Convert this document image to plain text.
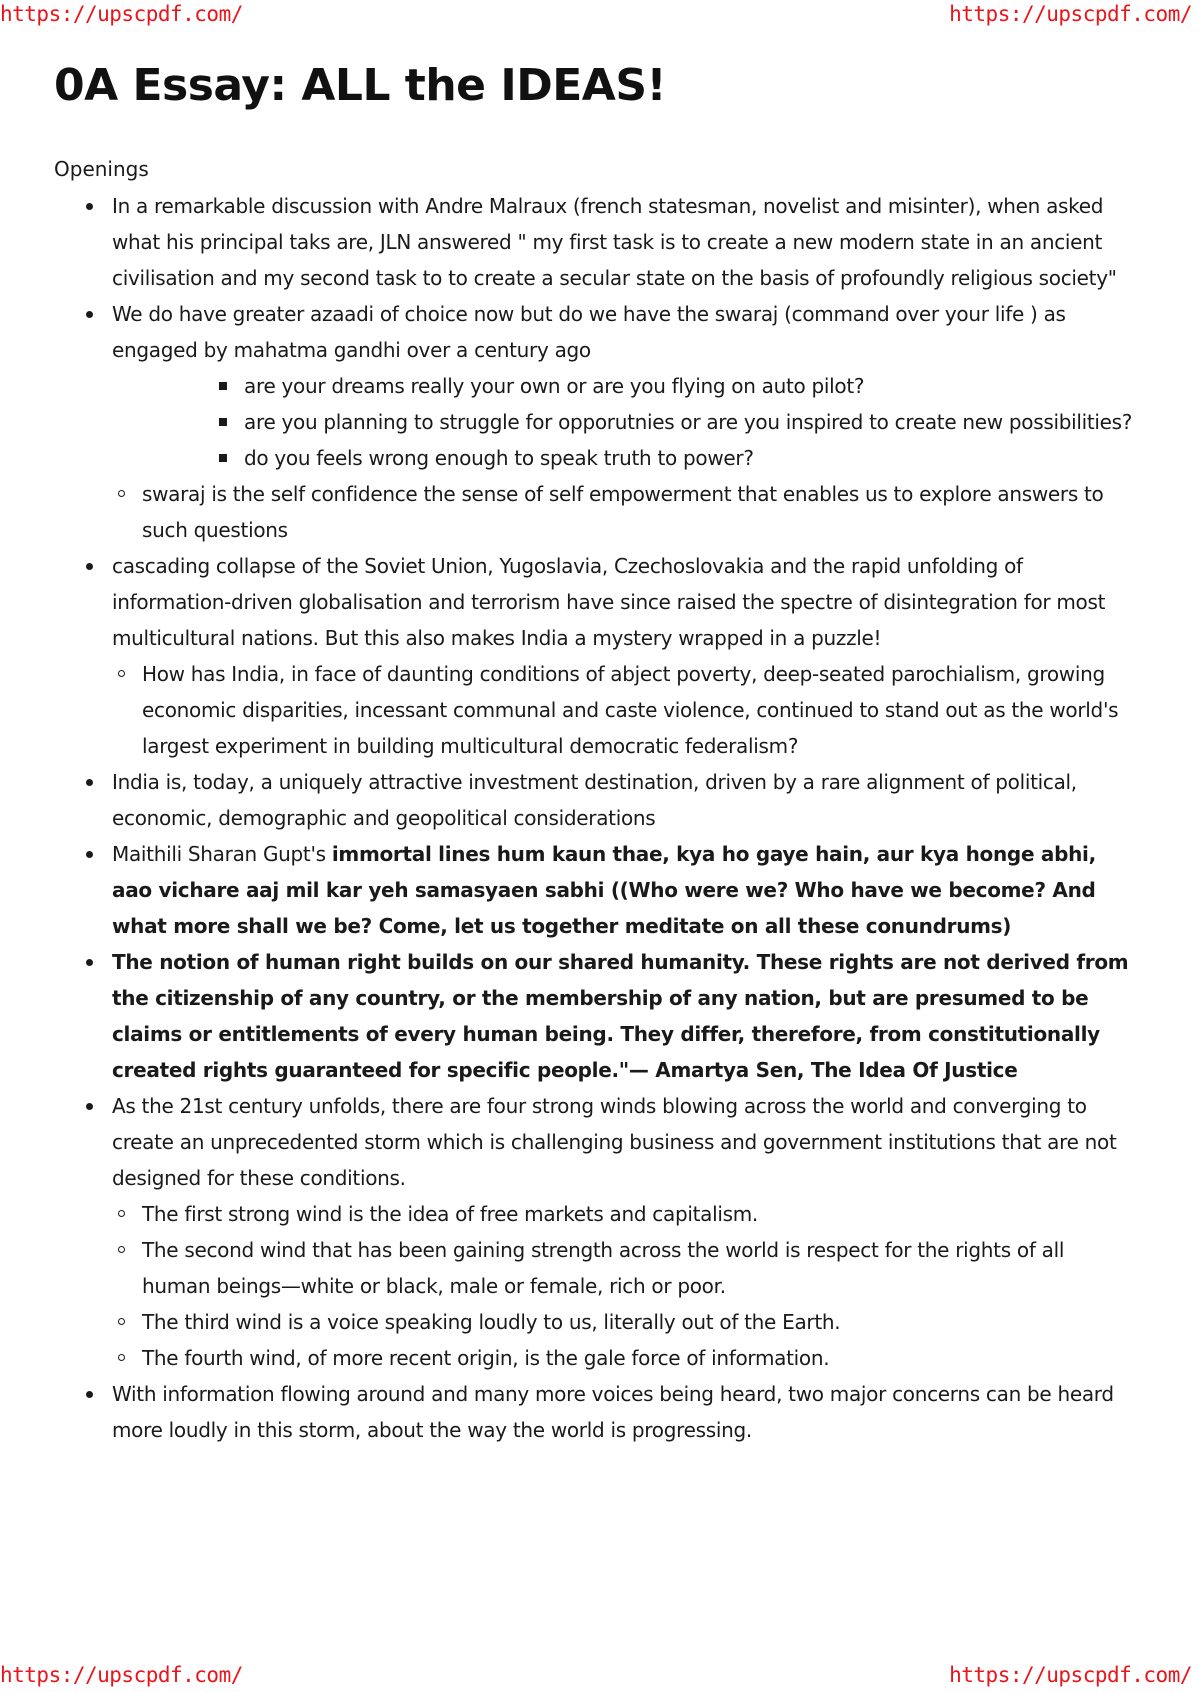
https://upscpdf.com/	https://upscpdf.com/
0A Essay: ALL the IDEAS!
Openings
In a remarkable discussion with Andre Malraux (french statesman, novelist and misinter), when asked what his principal taks are, JLN answered " my first task is to create a new modern state in an ancient civilisation and my second task to to create a secular state on the basis of profoundly religious society"
We do have greater azaadi of choice now but do we have the swaraj (command over your life ) as engaged by mahatma gandhi over a century ago
are your dreams really your own or are you flying on auto pilot?
are you planning to struggle for opporutnies or are you inspired to create new possibilities?
do you feels wrong enough to speak truth to power?
swaraj is the self confidence the sense of self empowerment that enables us to explore answers to such questions
cascading collapse of the Soviet Union, Yugoslavia, Czechoslovakia and the rapid unfolding of information-driven globalisation and terrorism have since raised the spectre of disintegration for most multicultural nations. But this also makes India a mystery wrapped in a puzzle!
How has India, in face of daunting conditions of abject poverty, deep-seated parochialism, growing economic disparities, incessant communal and caste violence, continued to stand out as the world's largest experiment in building multicultural democratic federalism?
India is, today, a uniquely attractive investment destination, driven by a rare alignment of political, economic, demographic and geopolitical considerations
Maithili Sharan Gupt's immortal lines hum kaun thae, kya ho gaye hain, aur kya honge abhi, aao vichare aaj mil kar yeh samasyaen sabhi ((Who were we? Who have we become? And what more shall we be? Come, let us together meditate on all these conundrums)
The notion of human right builds on our shared humanity. These rights are not derived from the citizenship of any country, or the membership of any nation, but are presumed to be claims or entitlements of every human being. They differ, therefore, from constitutionally created rights guaranteed for specific people."— Amartya Sen, The Idea Of Justice
As the 21st century unfolds, there are four strong winds blowing across the world and converging to create an unprecedented storm which is challenging business and government institutions that are not designed for these conditions.
The first strong wind is the idea of free markets and capitalism.
The second wind that has been gaining strength across the world is respect for the rights of all human beings—white or black, male or female, rich or poor.
The third wind is a voice speaking loudly to us, literally out of the Earth.
The fourth wind, of more recent origin, is the gale force of information.
With information flowing around and many more voices being heard, two major concerns can be heard more loudly in this storm, about the way the world is progressing.
https://upscpdf.com/	https://upscpdf.com/
